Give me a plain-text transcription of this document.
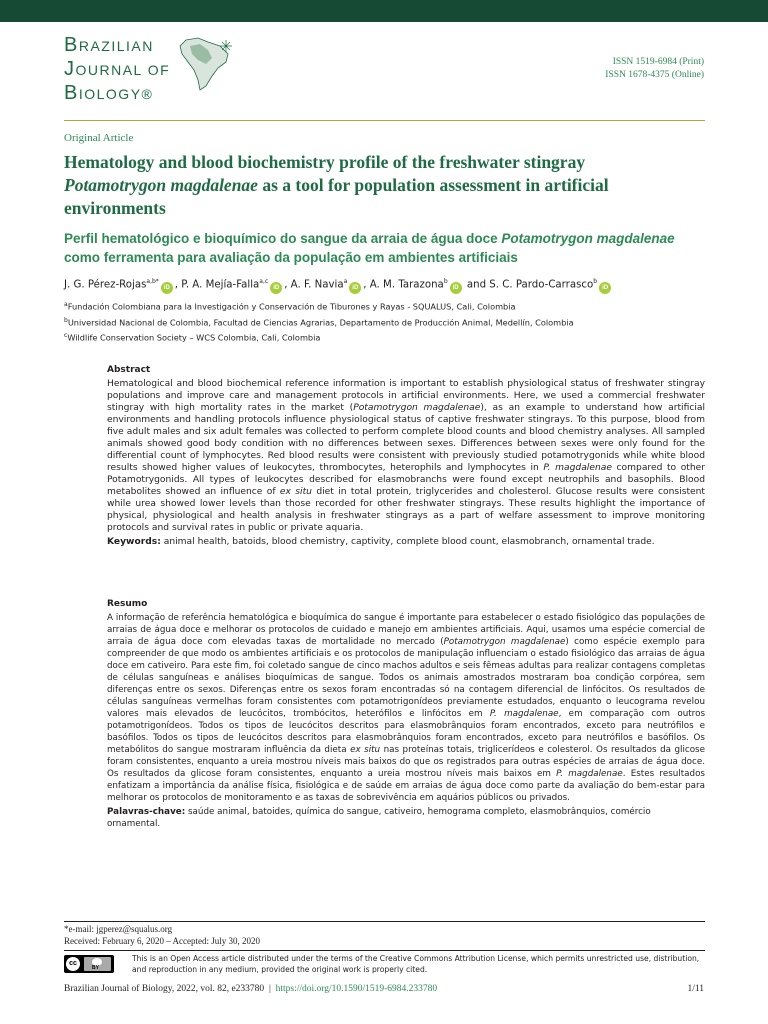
BRAZILIAN
JOURNAL OF
BIOLOGY®
ISSN 1519-6984 (Print)
ISSN 1678-4375 (Online)
Original Article
Hematology and blood biochemistry profile of the freshwater stingray Potamotrygon magdalenae as a tool for population assessment in artificial environments
Perfil hematológico e bioquímico do sangue da arraia de água doce Potamotrygon magdalenae como ferramenta para avaliação da população em ambientes artificiais
J. G. Pérez-Rojas$^{a,b*}$iD , P. A. Mejía-Falla$^{a,c}$iD , A. F. Navia$^a$iD , A. M. Tarazona$^b$iD and S. C. Pardo-Carrasco$^b$iD
$^a$Fundación Colombiana para la Investigación y Conservación de Tiburones y Rayas - SQUALUS, Cali, Colombia
$^b$Universidad Nacional de Colombia, Facultad de Ciencias Agrarias, Departamento de Producción Animal, Medellín, Colombia
$^c$Wildlife Conservation Society – WCS Colombia, Cali, Colombia
Abstract

Hematological and blood biochemical reference information is important to establish physiological status of freshwater stingray populations and improve care and management protocols in artificial environments. Here, we used a commercial freshwater stingray with high mortality rates in the market (Potamotrygon magdalenae), as an example to understand how artificial environments and handling protocols influence physiological status of captive freshwater stingrays. To this purpose, blood from five adult males and six adult females was collected to perform complete blood counts and blood chemistry analyses. All sampled animals showed good body condition with no differences between sexes. Differences between sexes were only found for the differential count of lymphocytes. Red blood results were consistent with previously studied potamotrygonids while white blood results showed higher values of leukocytes, thrombocytes, heterophils and lymphocytes in P. magdalenae compared to other Potamotrygonids. All types of leukocytes described for elasmobranchs were found except neutrophils and basophils. Blood metabolites showed an influence of ex situ diet in total protein, triglycerides and cholesterol. Glucose results were consistent while urea showed lower levels than those recorded for other freshwater stingrays. These results highlight the importance of physical, physiological and health analysis in freshwater stingrays as a part of welfare assessment to improve monitoring protocols and survival rates in public or private aquaria.

Keywords: animal health, batoids, blood chemistry, captivity, complete blood count, elasmobranch, ornamental trade.

Resumo

A informação de referência hematológica e bioquímica do sangue é importante para estabelecer o estado fisiológico das populações de arraias de água doce e melhorar os protocolos de cuidado e manejo em ambientes artificiais. Aqui, usamos uma espécie comercial de arraia de água doce com elevadas taxas de mortalidade no mercado (Potamotrygon magdalenae) como espécie exemplo para compreender de que modo os ambientes artificiais e os protocolos de manipulação influenciam o estado fisiológico das arraias de água doce em cativeiro. Para este fim, foi coletado sangue de cinco machos adultos e seis fêmeas adultas para realizar contagens completas de células sanguíneas e análises bioquímicas de sangue. Todos os animais amostrados mostraram boa condição corpórea, sem diferenças entre os sexos. Diferenças entre os sexos foram encontradas só na contagem diferencial de linfócitos. Os resultados de células sanguíneas vermelhas foram consistentes com potamotrigonídeos previamente estudados, enquanto o leucograma revelou valores mais elevados de leucócitos, trombócitos, heterófilos e linfócitos em P. magdalenae, em comparação com outros potamotrigonídeos. Todos os tipos de leucócitos descritos para elasmobrânquios foram encontrados, exceto para neutrófilos e basófilos. Todos os tipos de leucócitos descritos para elasmobrânquios foram encontrados, exceto para neutrófilos e basófilos. Os metabólitos do sangue mostraram influência da dieta ex situ nas proteínas totais, triglicerídeos e colesterol. Os resultados da glicose foram consistentes, enquanto a ureia mostrou níveis mais baixos do que os registrados para outras espécies de arraias de água doce. Os resultados da glicose foram consistentes, enquanto a ureia mostrou níveis mais baixos em P. magdalenae. Estes resultados enfatizam a importância da análise física, fisiológica e de saúde em arraias de água doce como parte da avaliação do bem-estar para melhorar os protocolos de monitoramento e as taxas de sobrevivência em aquários públicos ou privados.

Palavras-chave: saúde animal, batoides, química do sangue, cativeiro, hemograma completo, elasmobrânquios, comércio ornamental.

*e-mail: jgperez@squalus.org
Received: February 6, 2020 – Accepted: July 30, 2020
cc
BY
This is an Open Access article distributed under the terms of the Creative Commons Attribution License, which permits unrestricted use, distribution, and reproduction in any medium, provided the original work is properly cited.
Brazilian Journal of Biology, 2022, vol. 82, e233780  |  https://doi.org/10.1590/1519-6984.233780	1/11
